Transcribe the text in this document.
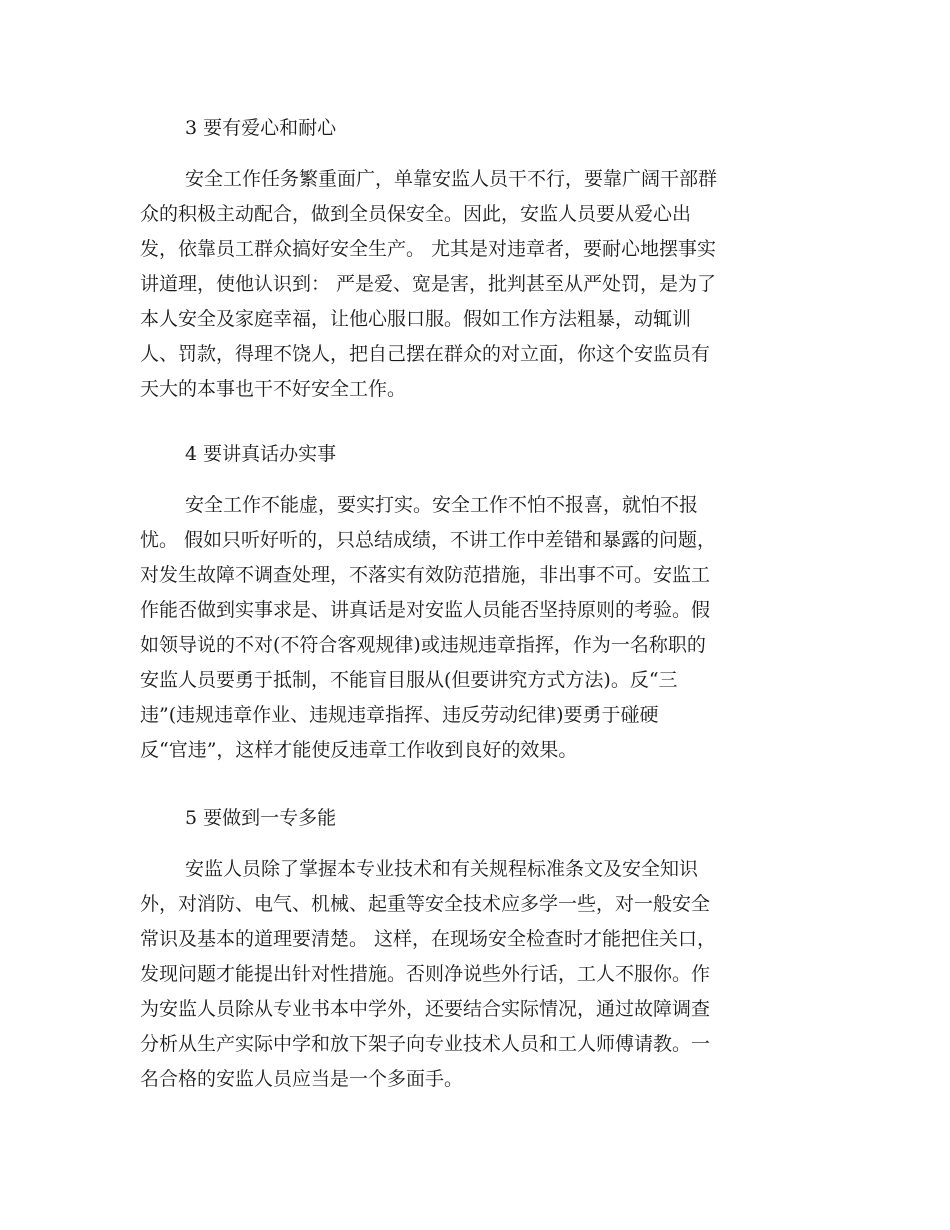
3 要有爱心和耐心
安全工作任务繁重面广，单靠安监人员干不行，要靠广阔干部群
众的积极主动配合，做到全员保安全。因此，安监人员要从爱心出
发，依靠员工群众搞好安全生产。 尤其是对违章者，要耐心地摆事实
讲道理，使他认识到： 严是爱、宽是害，批判甚至从严处罚，是为了
本人安全及家庭幸福，让他心服口服。假如工作方法粗暴，动辄训
人、罚款，得理不饶人，把自己摆在群众的对立面，你这个安监员有
天大的本事也干不好安全工作。
4 要讲真话办实事
安全工作不能虚，要实打实。安全工作不怕不报喜，就怕不报
忧。 假如只听好听的，只总结成绩，不讲工作中差错和暴露的问题，
对发生故障不调查处理，不落实有效防范措施，非出事不可。安监工
作能否做到实事求是、讲真话是对安监人员能否坚持原则的考验。假
如领导说的不对(不符合客观规律)或违规违章指挥，作为一名称职的
安监人员要勇于抵制，不能盲目服从(但要讲究方式方法)。反“三
违”(违规违章作业、违规违章指挥、违反劳动纪律)要勇于碰硬
反“官违”，这样才能使反违章工作收到良好的效果。
5 要做到一专多能
安监人员除了掌握本专业技术和有关规程标准条文及安全知识
外，对消防、电气、机械、起重等安全技术应多学一些，对一般安全
常识及基本的道理要清楚。 这样，在现场安全检查时才能把住关口，
发现问题才能提出针对性措施。否则净说些外行话，工人不服你。作
为安监人员除从专业书本中学外，还要结合实际情况，通过故障调查
分析从生产实际中学和放下架子向专业技术人员和工人师傅请教。一
名合格的安监人员应当是一个多面手。
